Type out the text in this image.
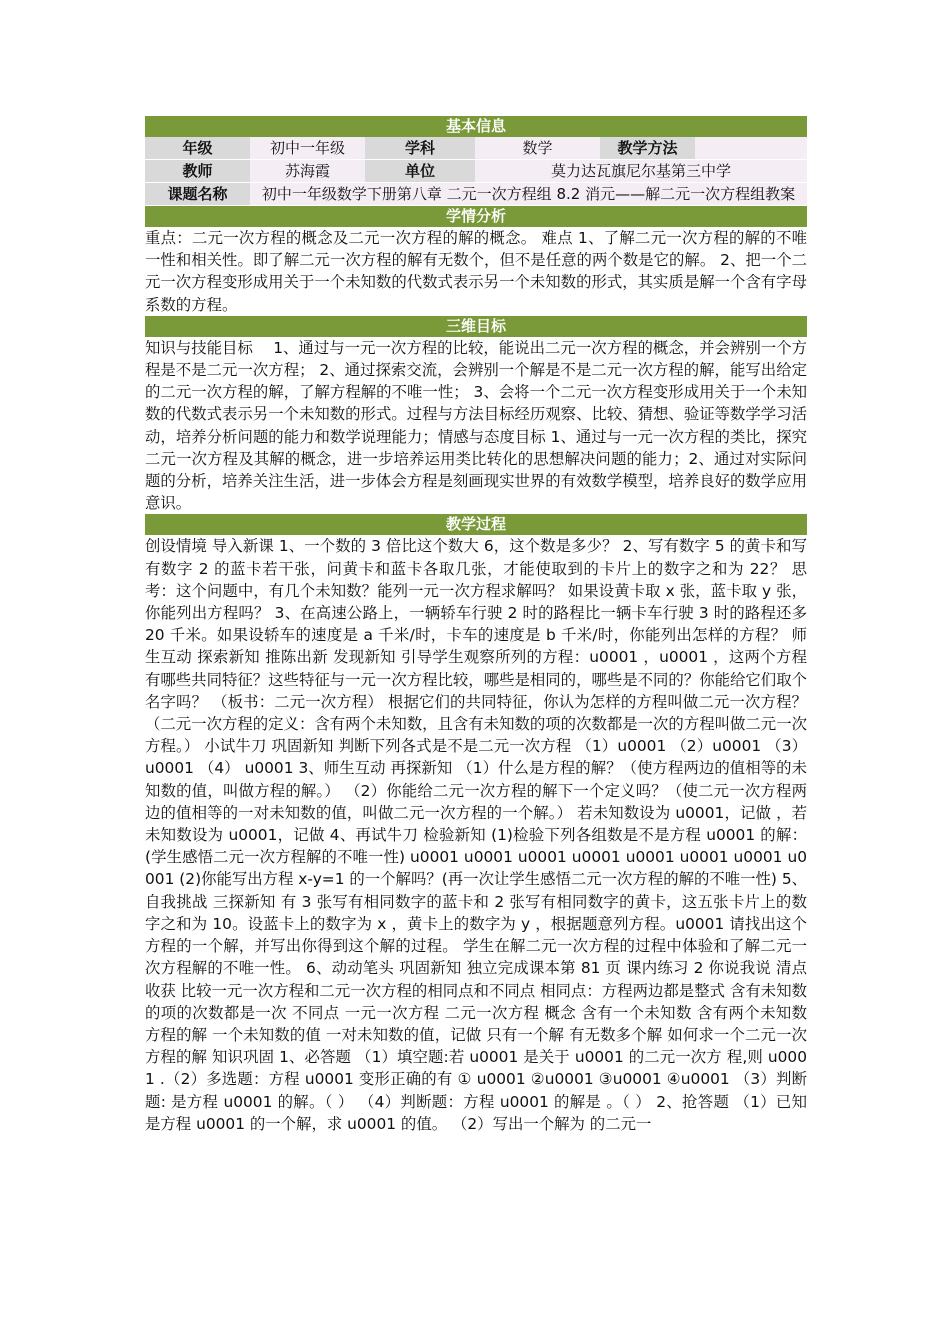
基本信息
年级	初中一年级	学科	数学	教学方法	
教师	苏海霞	单位	莫力达瓦旗尼尔基第三中学		
课题名称	初中一年级数学下册第八章 二元一次方程组 8.2 消元——解二元一次方程组教案				
学情分析

重点：二元一次方程的概念及二元一次方程的解的概念。 难点 1、了解二元一次方程的解的不唯一性和相关性。即了解二元一次方程的解有无数个，但不是任意的两个数是它的解。 2、把一个二元一次方程变形成用关于一个未知数的代数式表示另一个未知数的形式，其实质是解一个含有字母系数的方程。

三维目标

知识与技能目标 　1、通过与一元一次方程的比较，能说出二元一次方程的概念，并会辨别一个方程是不是二元一次方程； 2、通过探索交流，会辨别一个解是不是二元一次方程的解，能写出给定的二元一次方程的解，了解方程解的不唯一性； 3、会将一个二元一次方程变形成用关于一个未知数的代数式表示另一个未知数的形式。过程与方法目标经历观察、比较、猜想、验证等数学学习活动，培养分析问题的能力和数学说理能力；情感与态度目标 1、通过与一元一次方程的类比，探究二元一次方程及其解的概念，进一步培养运用类比转化的思想解决问题的能力；2、通过对实际问题的分析，培养关注生活，进一步体会方程是刻画现实世界的有效数学模型，培养良好的数学应用意识。

教学过程

创设情境 导入新课 1、一个数的 3 倍比这个数大 6，这个数是多少？ 2、写有数字 5 的黄卡和写有数字 2 的蓝卡若干张，问黄卡和蓝卡各取几张，才能使取到的卡片上的数字之和为 22？ 思考：这个问题中，有几个未知数？能列一元一次方程求解吗？ 如果设黄卡取 x 张，蓝卡取 y 张，你能列出方程吗？ 3、在高速公路上，一辆轿车行驶 2 时的路程比一辆卡车行驶 3 时的路程还多 20 千米。如果设轿车的速度是 a 千米/时，卡车的速度是 b 千米/时，你能列出怎样的方程？ 师生互动 探索新知 推陈出新 发现新知 引导学生观察所列的方程：u0001 ，u0001 ，这两个方程有哪些共同特征？这些特征与一元一次方程比较，哪些是相同的，哪些是不同的？你能给它们取个名字吗？ （板书：二元一次方程） 根据它们的共同特征，你认为怎样的方程叫做二元一次方程？ （二元一次方程的定义：含有两个未知数，且含有未知数的项的次数都是一次的方程叫做二元一次方程。） 小试牛刀 巩固新知 判断下列各式是不是二元一次方程 （1）u0001 （2）u0001 （3） u0001 （4） u0001 3、师生互动 再探新知 （1）什么是方程的解？（使方程两边的值相等的未知数的值，叫做方程的解。） （2）你能给二元一次方程的解下一个定义吗？（使二元一次方程两边的值相等的一对未知数的值，叫做二元一次方程的一个解。） 若未知数设为 u0001，记做 ，若未知数设为 u0001，记做 4、再试牛刀 检验新知 (1)检验下列各组数是不是方程 u0001 的解：(学生感悟二元一次方程解的不唯一性) u0001 u0001 u0001 u0001 u0001 u0001 u0001 u0001 (2)你能写出方程 x-y=1 的一个解吗？(再一次让学生感悟二元一次方程的解的不唯一性) 5、自我挑战 三探新知 有 3 张写有相同数字的蓝卡和 2 张写有相同数字的黄卡，这五张卡片上的数字之和为 10。设蓝卡上的数字为 x ，黄卡上的数字为 y ，根据题意列方程。u0001 请找出这个方程的一个解，并写出你得到这个解的过程。 学生在解二元一次方程的过程中体验和了解二元一次方程解的不唯一性。 6、动动笔头 巩固新知 独立完成课本第 81 页 课内练习 2 你说我说 清点收获 比较一元一次方程和二元一次方程的相同点和不同点 相同点：方程两边都是整式 含有未知数的项的次数都是一次 不同点 一元一次方程 二元一次方程 概念 含有一个未知数 含有两个未知数 方程的解 一个未知数的值 一对未知数的值，记做 只有一个解 有无数多个解 如何求一个二元一次方程的解 知识巩固 1、必答题 （1）填空题:若 u0001 是关于 u0001 的二元一次方 程,则 u0001 .（2）多选题：方程 u0001 变形正确的有 ① u0001 ②u0001 ③u0001 ④u0001 （3）判断题: 是方程 u0001 的解。（ ） （4）判断题：方程 u0001 的解是 。（ ） 2、抢答题 （1）已知 是方程 u0001 的一个解，求 u0001 的值。 （2）写出一个解为 的二元一
